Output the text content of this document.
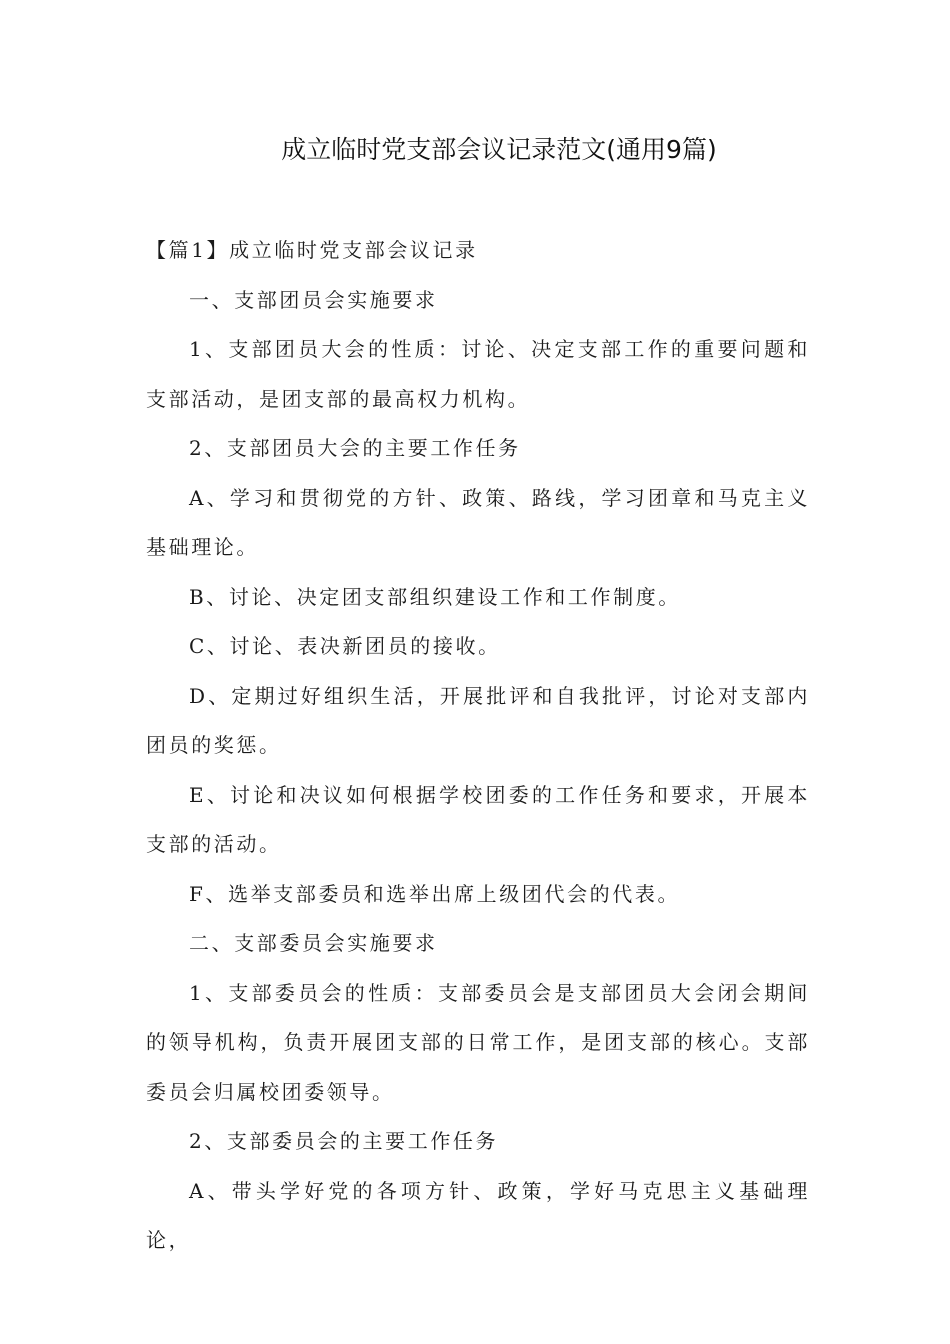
成立临时党支部会议记录范文(通用9篇)

【篇1】成立临时党支部会议记录

一、支部团员会实施要求

1、支部团员大会的性质：讨论、决定支部工作的重要问题和支部活动，是团支部的最高权力机构。

2、支部团员大会的主要工作任务

A、学习和贯彻党的方针、政策、路线，学习团章和马克主义基础理论。

B、讨论、决定团支部组织建设工作和工作制度。

C、讨论、表决新团员的接收。

D、定期过好组织生活，开展批评和自我批评，讨论对支部内团员的奖惩。

E、讨论和决议如何根据学校团委的工作任务和要求，开展本支部的活动。

F、选举支部委员和选举出席上级团代会的代表。

二、支部委员会实施要求

1、支部委员会的性质：支部委员会是支部团员大会闭会期间的领导机构，负责开展团支部的日常工作，是团支部的核心。支部委员会归属校团委领导。

2、支部委员会的主要工作任务

A、带头学好党的各项方针、政策，学好马克思主义基础理论，
